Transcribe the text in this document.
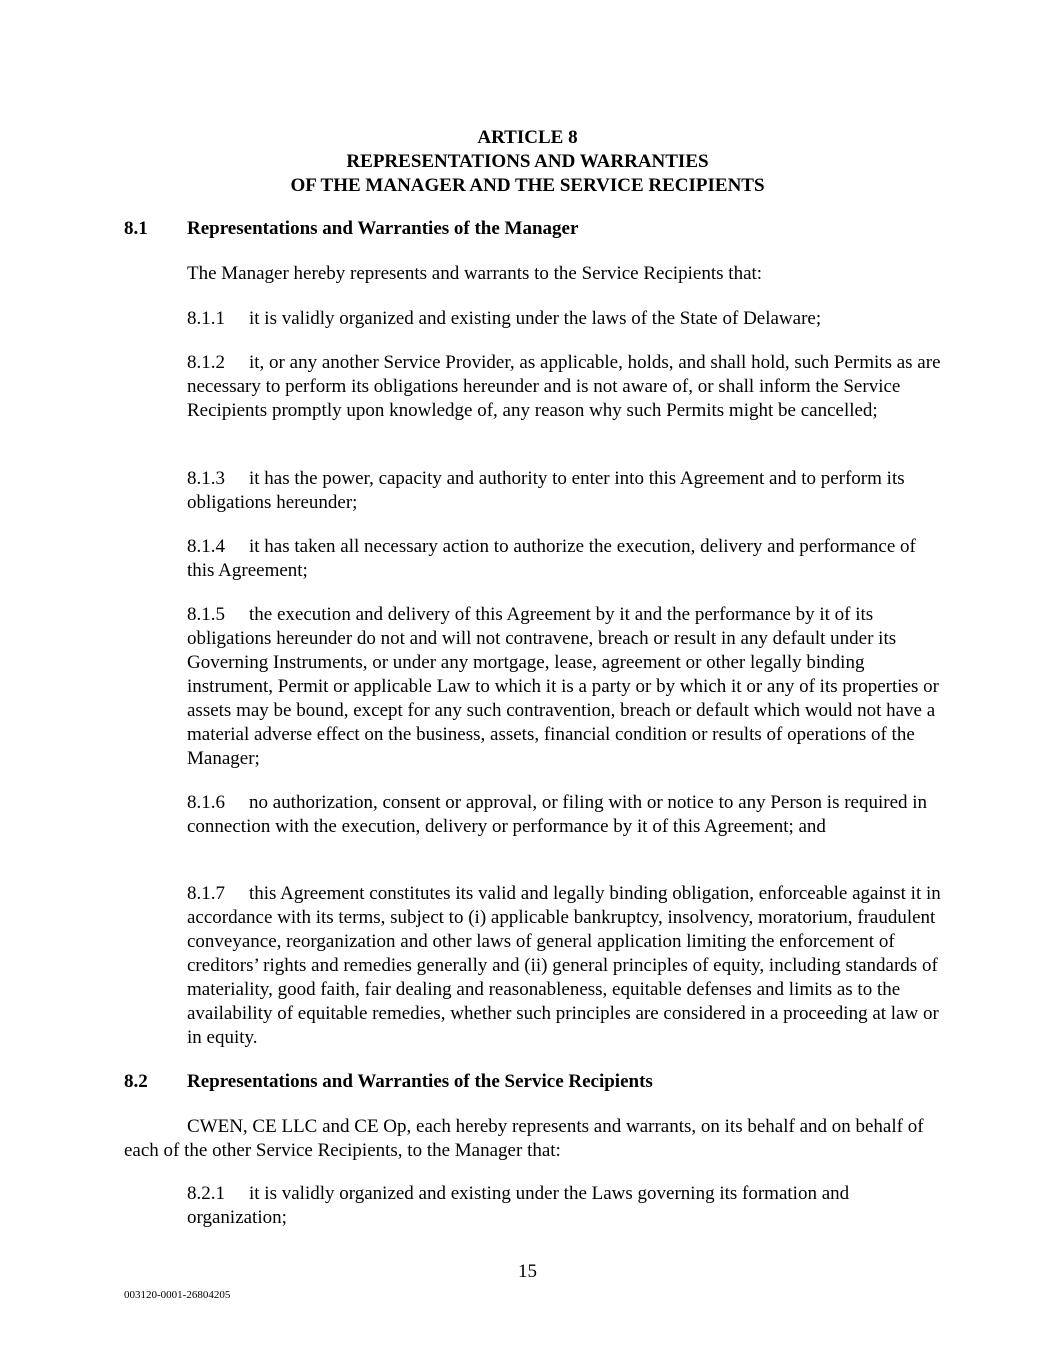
ARTICLE 8
REPRESENTATIONS AND WARRANTIES
OF THE MANAGER AND THE SERVICE RECIPIENTS
8.1 Representations and Warranties of the Manager
The Manager hereby represents and warrants to the Service Recipients that:
8.1.1 it is validly organized and existing under the laws of the State of Delaware;
8.1.2 it, or any another Service Provider, as applicable, holds, and shall hold, such Permits as are necessary to perform its obligations hereunder and is not aware of, or shall inform the Service Recipients promptly upon knowledge of, any reason why such Permits might be cancelled;
8.1.3 it has the power, capacity and authority to enter into this Agreement and to perform its obligations hereunder;
8.1.4 it has taken all necessary action to authorize the execution, delivery and performance of this Agreement;
8.1.5 the execution and delivery of this Agreement by it and the performance by it of its obligations hereunder do not and will not contravene, breach or result in any default under its Governing Instruments, or under any mortgage, lease, agreement or other legally binding instrument, Permit or applicable Law to which it is a party or by which it or any of its properties or assets may be bound, except for any such contravention, breach or default which would not have a material adverse effect on the business, assets, financial condition or results of operations of the Manager;
8.1.6 no authorization, consent or approval, or filing with or notice to any Person is required in connection with the execution, delivery or performance by it of this Agreement; and
8.1.7 this Agreement constitutes its valid and legally binding obligation, enforceable against it in accordance with its terms, subject to (i) applicable bankruptcy, insolvency, moratorium, fraudulent conveyance, reorganization and other laws of general application limiting the enforcement of creditors’ rights and remedies generally and (ii) general principles of equity, including standards of materiality, good faith, fair dealing and reasonableness, equitable defenses and limits as to the availability of equitable remedies, whether such principles are considered in a proceeding at law or in equity.
8.2 Representations and Warranties of the Service Recipients
CWEN, CE LLC and CE Op, each hereby represents and warrants, on its behalf and on behalf of each of the other Service Recipients, to the Manager that:
8.2.1 it is validly organized and existing under the Laws governing its formation and organization;
15
003120-0001-26804205
